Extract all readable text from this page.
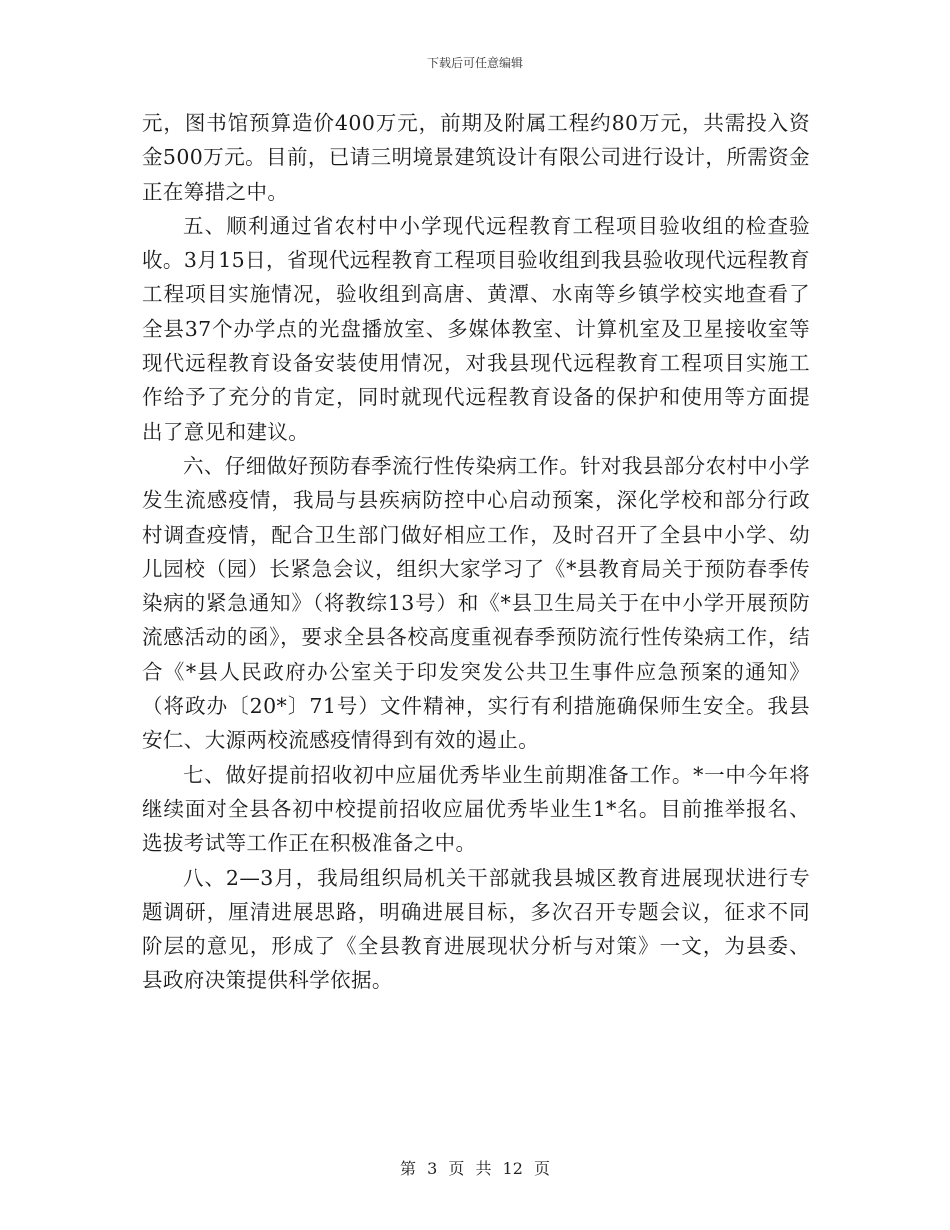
下载后可任意编辑

元，图书馆预算造价400万元，前期及附属工程约80万元，共需投入资金500万元。目前，已请三明境景建筑设计有限公司进行设计，所需资金正在筹措之中。

五、顺利通过省农村中小学现代远程教育工程项目验收组的检查验收。3月15日，省现代远程教育工程项目验收组到我县验收现代远程教育工程项目实施情况，验收组到高唐、黄潭、水南等乡镇学校实地查看了全县37个办学点的光盘播放室、多媒体教室、计算机室及卫星接收室等现代远程教育设备安装使用情况，对我县现代远程教育工程项目实施工作给予了充分的肯定，同时就现代远程教育设备的保护和使用等方面提出了意见和建议。

六、仔细做好预防春季流行性传染病工作。针对我县部分农村中小学发生流感疫情，我局与县疾病防控中心启动预案，深化学校和部分行政村调查疫情，配合卫生部门做好相应工作，及时召开了全县中小学、幼儿园校（园）长紧急会议，组织大家学习了《*县教育局关于预防春季传染病的紧急通知》（将教综13号）和《*县卫生局关于在中小学开展预防流感活动的函》，要求全县各校高度重视春季预防流行性传染病工作，结合《*县人民政府办公室关于印发突发公共卫生事件应急预案的通知》（将政办〔20*〕71号）文件精神，实行有利措施确保师生安全。我县安仁、大源两校流感疫情得到有效的遏止。

七、做好提前招收初中应届优秀毕业生前期准备工作。*一中今年将继续面对全县各初中校提前招收应届优秀毕业生1*名。目前推举报名、选拔考试等工作正在积极准备之中。

八、2—3月，我局组织局机关干部就我县城区教育进展现状进行专题调研，厘清进展思路，明确进展目标，多次召开专题会议，征求不同阶层的意见，形成了《全县教育进展现状分析与对策》一文，为县委、县政府决策提供科学依据。

第 3 页 共 12 页
